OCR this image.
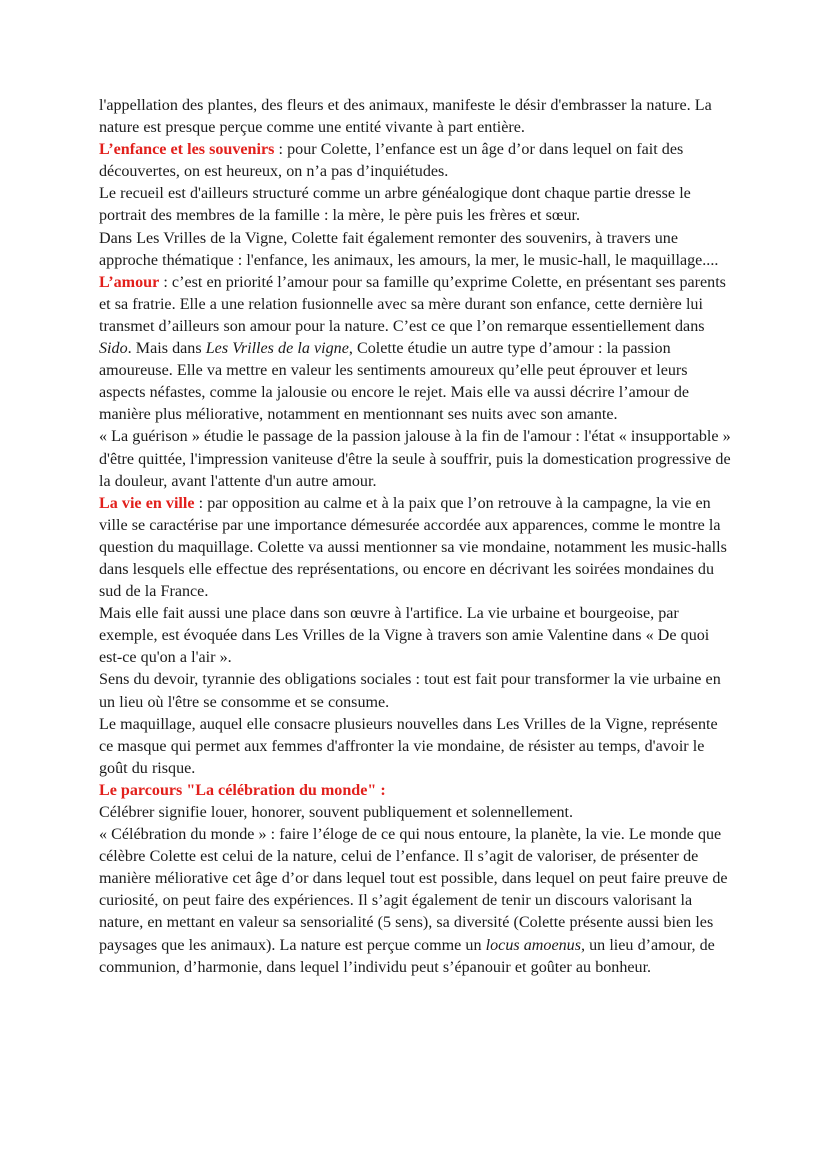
l'appellation des plantes, des fleurs et des animaux, manifeste le désir d'embrasser la nature. La nature est presque perçue comme une entité vivante à part entière.

L’enfance et les souvenirs : pour Colette, l’enfance est un âge d’or dans lequel on fait des découvertes, on est heureux, on n’a pas d’inquiétudes.

Le recueil est d'ailleurs structuré comme un arbre généalogique dont chaque partie dresse le portrait des membres de la famille : la mère, le père puis les frères et sœur.

Dans Les Vrilles de la Vigne, Colette fait également remonter des souvenirs, à travers une approche thématique : l'enfance, les animaux, les amours, la mer, le music-hall, le maquillage....

L’amour : c’est en priorité l’amour pour sa famille qu’exprime Colette, en présentant ses parents et sa fratrie. Elle a une relation fusionnelle avec sa mère durant son enfance, cette dernière lui transmet d’ailleurs son amour pour la nature. C’est ce que l’on remarque essentiellement dans Sido. Mais dans Les Vrilles de la vigne, Colette étudie un autre type d’amour : la passion amoureuse. Elle va mettre en valeur les sentiments amoureux qu’elle peut éprouver et leurs aspects néfastes, comme la jalousie ou encore le rejet. Mais elle va aussi décrire l’amour de manière plus méliorative, notamment en mentionnant ses nuits avec son amante.

« La guérison » étudie le passage de la passion jalouse à la fin de l'amour : l'état « insupportable » d'être quittée, l'impression vaniteuse d'être la seule à souffrir, puis la domestication progressive de la douleur, avant l'attente d'un autre amour.

La vie en ville : par opposition au calme et à la paix que l’on retrouve à la campagne, la vie en ville se caractérise par une importance démesurée accordée aux apparences, comme le montre la question du maquillage. Colette va aussi mentionner sa vie mondaine, notamment les music-halls dans lesquels elle effectue des représentations, ou encore en décrivant les soirées mondaines du sud de la France.

Mais elle fait aussi une place dans son œuvre à l'artifice. La vie urbaine et bourgeoise, par exemple, est évoquée dans Les Vrilles de la Vigne à travers son amie Valentine dans « De quoi est-ce qu'on a l'air ».

Sens du devoir, tyrannie des obligations sociales : tout est fait pour transformer la vie urbaine en un lieu où l'être se consomme et se consume.

Le maquillage, auquel elle consacre plusieurs nouvelles dans Les Vrilles de la Vigne, représente ce masque qui permet aux femmes d'affronter la vie mondaine, de résister au temps, d'avoir le goût du risque.

Le parcours "La célébration du monde" :

Célébrer signifie louer, honorer, souvent publiquement et solennellement.

« Célébration du monde » : faire l’éloge de ce qui nous entoure, la planète, la vie. Le monde que célèbre Colette est celui de la nature, celui de l’enfance. Il s’agit de valoriser, de présenter de manière méliorative cet âge d’or dans lequel tout est possible, dans lequel on peut faire preuve de curiosité, on peut faire des expériences. Il s’agit également de tenir un discours valorisant la nature, en mettant en valeur sa sensorialité (5 sens), sa diversité (Colette présente aussi bien les paysages que les animaux). La nature est perçue comme un locus amoenus, un lieu d’amour, de communion, d’harmonie, dans lequel l’individu peut s’épanouir et goûter au bonheur.
